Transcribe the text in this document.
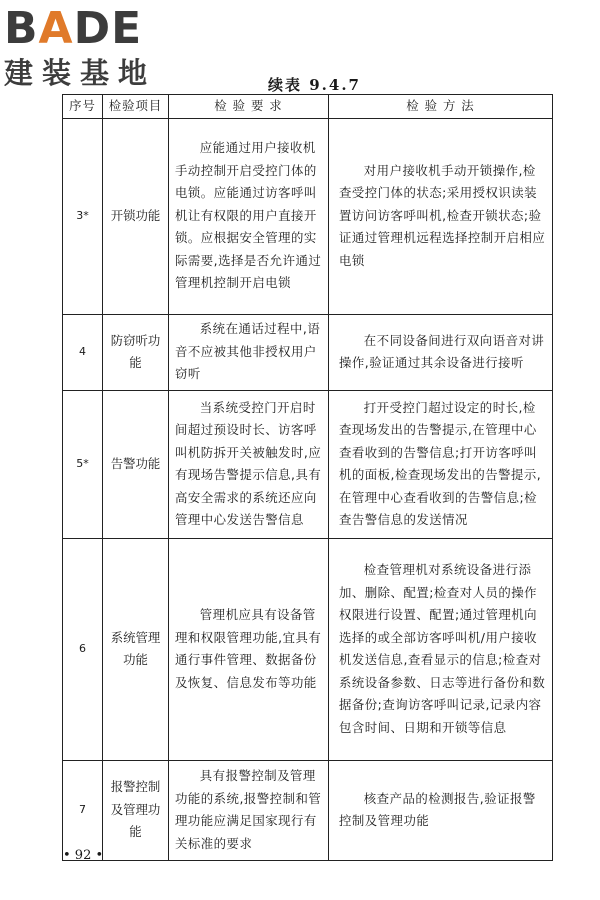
BADE
建装基地	续表 9.4.7
序号	检验项目	检 验 要 求	检 验 方 法
3*	开锁功能	应能通过用户接收机手动控制开启受控门体的电锁。应能通过访客呼叫机让有权限的用户直接开锁。应根据安全管理的实际需要,选择是否允许通过管理机控制开启电锁	对用户接收机手动开锁操作,检查受控门体的状态;采用授权识读装置访问访客呼叫机,检查开锁状态;验证通过管理机远程选择控制开启相应电锁
4	防窃听功能	系统在通话过程中,语音不应被其他非授权用户窃听	在不同设备间进行双向语音对讲操作,验证通过其余设备进行接听
5*	告警功能	当系统受控门开启时间超过预设时长、访客呼叫机防拆开关被触发时,应有现场告警提示信息,具有高安全需求的系统还应向管理中心发送告警信息	打开受控门超过设定的时长,检查现场发出的告警提示,在管理中心查看收到的告警信息;打开访客呼叫机的面板,检查现场发出的告警提示,在管理中心查看收到的告警信息;检查告警信息的发送情况
6	系统管理功能	管理机应具有设备管理和权限管理功能,宜具有通行事件管理、数据备份及恢复、信息发布等功能	检查管理机对系统设备进行添加、删除、配置;检查对人员的操作权限进行设置、配置;通过管理机向选择的或全部访客呼叫机/用户接收机发送信息,查看显示的信息;检查对系统设备参数、日志等进行备份和数据备份;查询访客呼叫记录,记录内容包含时间、日期和开锁等信息
7	报警控制及管理功能	具有报警控制及管理功能的系统,报警控制和管理功能应满足国家现行有关标准的要求	核查产品的检测报告,验证报警控制及管理功能
• 92 •
